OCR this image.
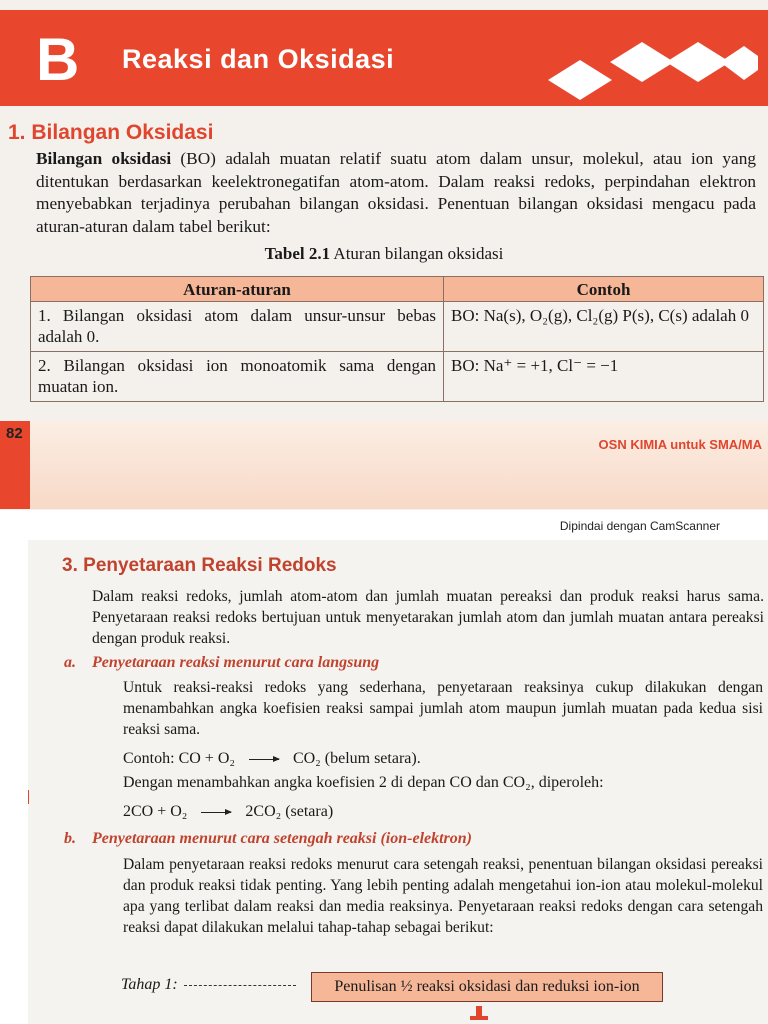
B Reaksi dan Oksidasi
1. Bilangan Oksidasi
Bilangan oksidasi (BO) adalah muatan relatif suatu atom dalam unsur, molekul, atau ion yang ditentukan berdasarkan keelektronegatifan atom-atom. Dalam reaksi redoks, perpindahan elektron menyebabkan terjadinya perubahan bilangan oksidasi. Penentuan bilangan oksidasi mengacu pada aturan-aturan dalam tabel berikut:
Tabel 2.1 Aturan bilangan oksidasi
Aturan-aturan	Contoh
1. Bilangan oksidasi atom dalam unsur-unsur bebas adalah 0.	BO: Na(s), O₂(g), Cl₂(g) P(s), C(s) adalah 0
2. Bilangan oksidasi ion monoatomik sama dengan muatan ion.	BO: Na⁺ = +1, Cl⁻ = −1
OSN KIMIA untuk SMA/MA
82
Dipindai dengan CamScanner
3. Penyetaraan Reaksi Redoks
Dalam reaksi redoks, jumlah atom-atom dan jumlah muatan pereaksi dan produk reaksi harus sama. Penyetaraan reaksi redoks bertujuan untuk menyetarakan jumlah atom dan jumlah muatan antara pereaksi dengan produk reaksi.
a. Penyetaraan reaksi menurut cara langsung
Untuk reaksi-reaksi redoks yang sederhana, penyetaraan reaksinya cukup dilakukan dengan menambahkan angka koefisien reaksi sampai jumlah atom maupun jumlah muatan pada kedua sisi reaksi sama.
Contoh: CO + O₂ → CO₂ (belum setara).
Dengan menambahkan angka koefisien 2 di depan CO dan CO₂, diperoleh:
2CO + O₂ → 2CO₂ (setara)
b. Penyetaraan menurut cara setengah reaksi (ion-elektron)
Dalam penyetaraan reaksi redoks menurut cara setengah reaksi, penentuan bilangan oksidasi pereaksi dan produk reaksi tidak penting. Yang lebih penting adalah mengetahui ion-ion atau molekul-molekul apa yang terlibat dalam reaksi dan media reaksinya. Penyetaraan reaksi redoks dengan cara setengah reaksi dapat dilakukan melalui tahap-tahap sebagai berikut:
Tahap 1:	Penulisan ½ reaksi oksidasi dan reduksi ion-ion
